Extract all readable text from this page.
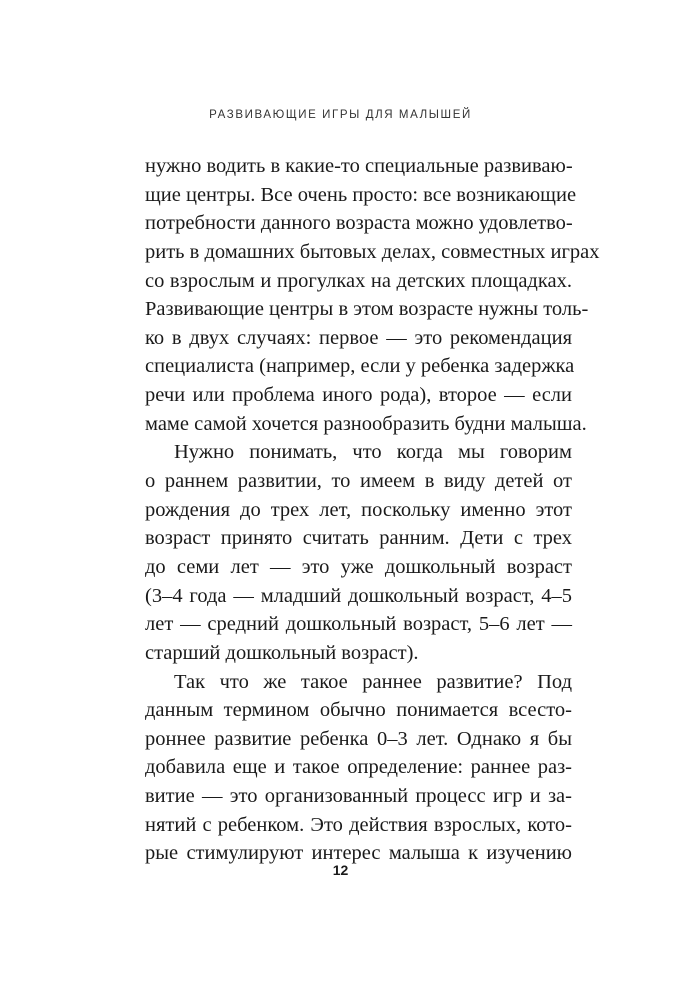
РАЗВИВАЮЩИЕ ИГРЫ ДЛЯ МАЛЫШЕЙ
нужно водить в какие-то специальные развиваю-
щие центры. Все очень просто: все возникающие
потребности данного возраста можно удовлетво-
рить в домашних бытовых делах, совместных играх
со взрослым и прогулках на детских площадках.
Развивающие центры в этом возрасте нужны толь-
ко в двух случаях: первое — это рекомендация
специалиста (например, если у ребенка задержка
речи или проблема иного рода), второе — если
маме самой хочется разнообразить будни малыша.
Нужно понимать, что когда мы говорим
о раннем развитии, то имеем в виду детей от
рождения до трех лет, поскольку именно этот
возраст принято считать ранним. Дети с трех
до семи лет — это уже дошкольный возраст
(3–4 года — младший дошкольный возраст, 4–5
лет — средний дошкольный возраст, 5–6 лет —
старший дошкольный возраст).
Так что же такое раннее развитие? Под
данным термином обычно понимается всесто-
роннее развитие ребенка 0–3 лет. Однако я бы
добавила еще и такое определение: раннее раз-
витие — это организованный процесс игр и за-
нятий с ребенком. Это действия взрослых, кото-
рые стимулируют интерес малыша к изучению
12
